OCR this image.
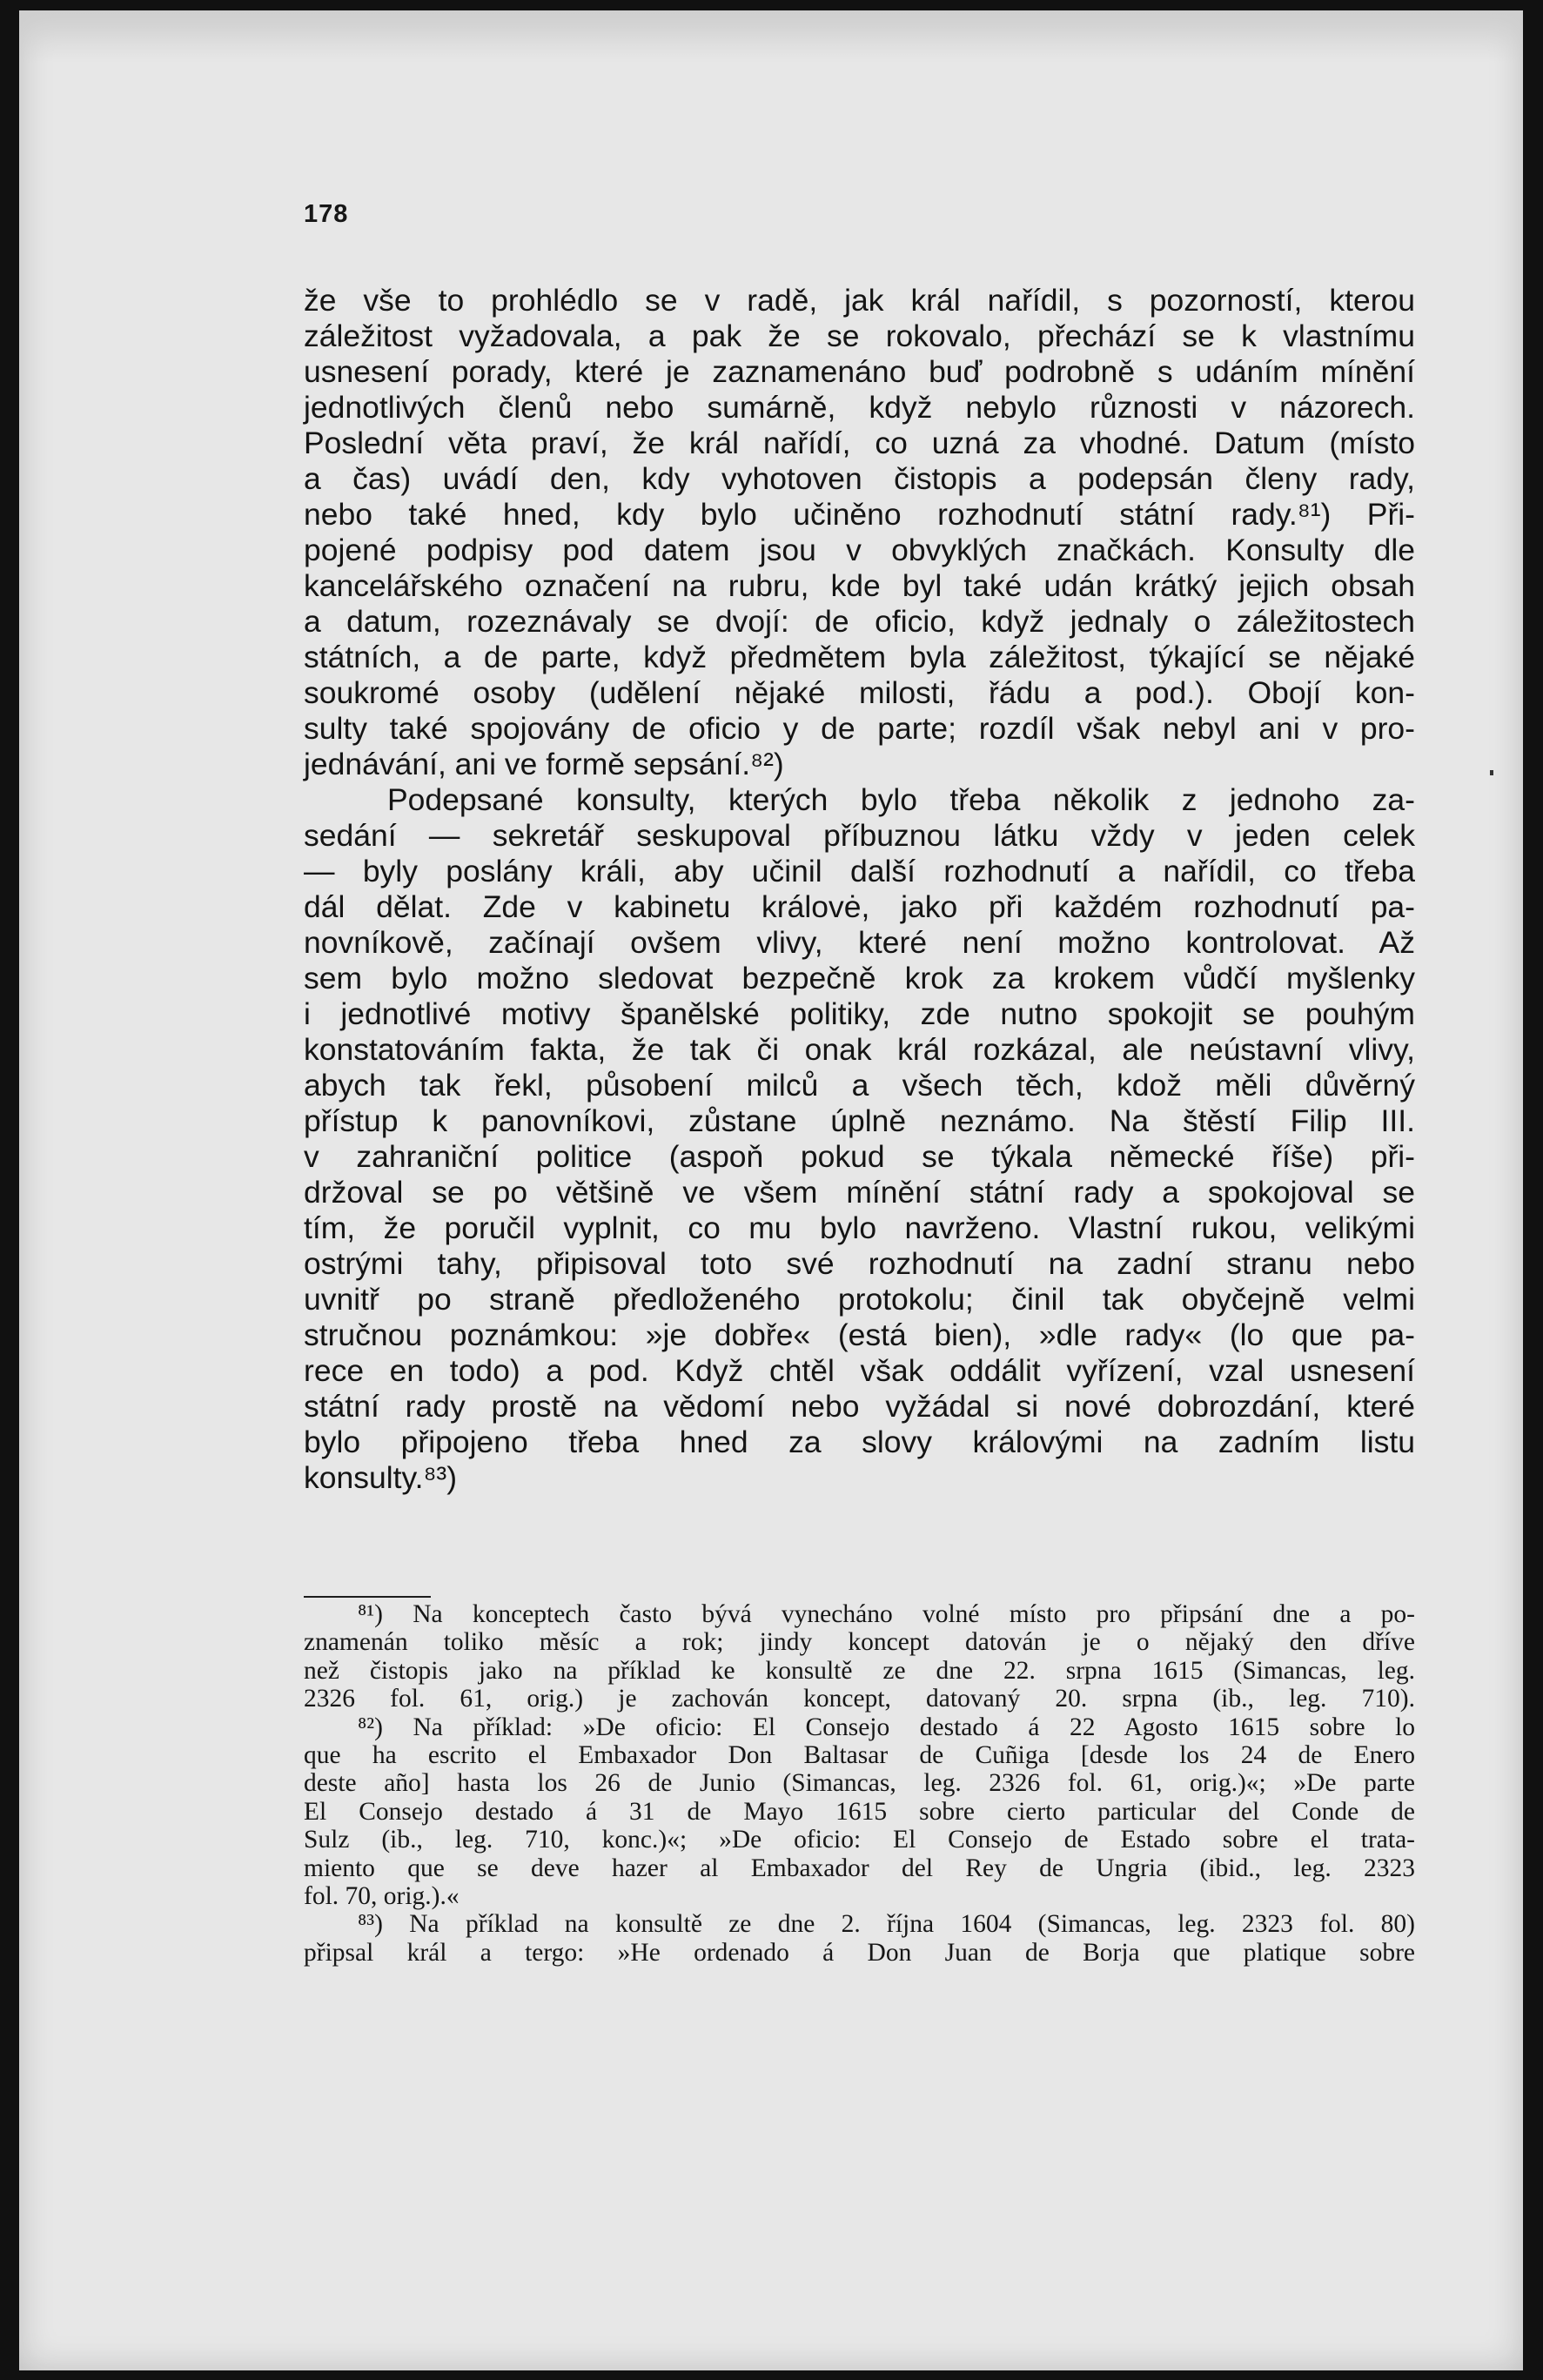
178
že vše to prohlédlo se v radě, jak král nařídil, s pozorností, kterou
záležitost vyžadovala, a pak že se rokovalo, přechází se k vlastnímu
usnesení porady, které je zaznamenáno buď podrobně s udáním mínění
jednotlivých členů nebo sumárně, když nebylo různosti v názorech.
Poslední věta praví, že král nařídí, co uzná za vhodné. Datum (místo
a čas) uvádí den, kdy vyhotoven čistopis a podepsán členy rady,
nebo také hned, kdy bylo učiněno rozhodnutí státní rady.⁸¹) Při-
pojené podpisy pod datem jsou v obvyklých značkách. Konsulty dle
kancelářského označení na rubru, kde byl také udán krátký jejich obsah
a datum, rozeznávaly se dvojí: de oficio, když jednaly o záležitostech
státních, a de parte, když předmětem byla záležitost, týkající se nějaké
soukromé osoby (udělení nějaké milosti, řádu a pod.). Obojí kon-
sulty také spojovány de oficio y de parte; rozdíl však nebyl ani v pro-
jednávání, ani ve formě sepsání.⁸²)
Podepsané konsulty, kterých bylo třeba několik z jednoho za-
sedání — sekretář seskupoval příbuznou látku vždy v jeden celek
— byly poslány králi, aby učinil další rozhodnutí a nařídil, co třeba
dál dělat. Zde v kabinetu královė, jako při každém rozhodnutí pa-
novníkově, začínají ovšem vlivy, které není možno kontrolovat. Až
sem bylo možno sledovat bezpečně krok za krokem vůdčí myšlenky
i jednotlivé motivy španělské politiky, zde nutno spokojit se pouhým
konstatováním fakta, že tak či onak král rozkázal, ale neústavní vlivy,
abych tak řekl, působení milců a všech těch, kdož měli důvěrný
přístup k panovníkovi, zůstane úplně neznámo. Na štěstí Filip III.
v zahraniční politice (aspoň pokud se týkala německé říše) při-
držoval se po většině ve všem mínění státní rady a spokojoval se
tím, že poručil vyplnit, co mu bylo navrženo. Vlastní rukou, velikými
ostrými tahy, připisoval toto své rozhodnutí na zadní stranu nebo
uvnitř po straně předloženého protokolu; činil tak obyčejně velmi
stručnou poznámkou: »je dobře« (está bien), »dle rady« (lo que pa-
rece en todo) a pod. Když chtěl však oddálit vyřízení, vzal usnesení
státní rady prostě na vědomí nebo vyžádal si nové dobrozdání, které
bylo připojeno třeba hned za slovy královými na zadním listu
konsulty.⁸³)
⁸¹) Na konceptech často bývá vynecháno volné místo pro připsání dne a po-
znamenán toliko měsíc a rok; jindy koncept datován je o nějaký den dříve
než čistopis jako na příklad ke konsultě ze dne 22. srpna 1615 (Simancas, leg.
2326 fol. 61, orig.) je zachován koncept, datovaný 20. srpna (ib., leg. 710).
⁸²) Na příklad: »De oficio: El Consejo destado á 22 Agosto 1615 sobre lo
que ha escrito el Embaxador Don Baltasar de Cuñiga [desde los 24 de Enero
deste año] hasta los 26 de Junio (Simancas, leg. 2326 fol. 61, orig.)«; »De parte
El Consejo destado á 31 de Mayo 1615 sobre cierto particular del Conde de
Sulz (ib., leg. 710, konc.)«; »De oficio: El Consejo de Estado sobre el trata-
miento que se deve hazer al Embaxador del Rey de Ungria (ibid., leg. 2323
fol. 70, orig.).«
⁸³) Na příklad na konsultě ze dne 2. října 1604 (Simancas, leg. 2323 fol. 80)
připsal král a tergo: »He ordenado á Don Juan de Borja que platique sobre
